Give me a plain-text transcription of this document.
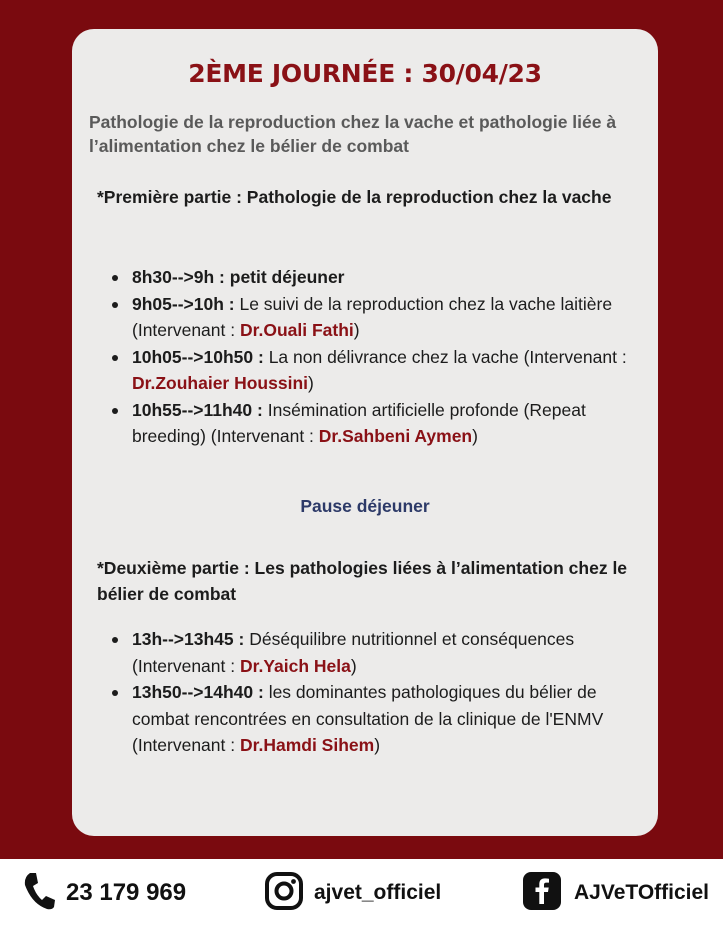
2ÈME JOURNÉE : 30/04/23
Pathologie de la reproduction chez la vache et pathologie liée à l’alimentation chez le bélier de combat
*Première partie : Pathologie de la reproduction chez la vache
8h30-->9h : petit déjeuner
9h05-->10h : Le suivi de la reproduction chez la vache laitière (Intervenant : Dr.Ouali Fathi)
10h05-->10h50 : La non délivrance chez la vache (Intervenant : Dr.Zouhaier Houssini)
10h55-->11h40 : Insémination artificielle profonde (Repeat breeding) (Intervenant : Dr.Sahbeni Aymen)
Pause déjeuner
*Deuxième partie : Les pathologies liées à l’alimentation chez le bélier de combat
13h-->13h45 : Déséquilibre nutritionnel et conséquences (Intervenant : Dr.Yaich Hela)
13h50-->14h40 : les dominantes pathologiques du bélier de combat rencontrées en consultation de la clinique de l'ENMV (Intervenant : Dr.Hamdi Sihem)
23 179 969	ajvet_officiel	AJVeTOfficiel
